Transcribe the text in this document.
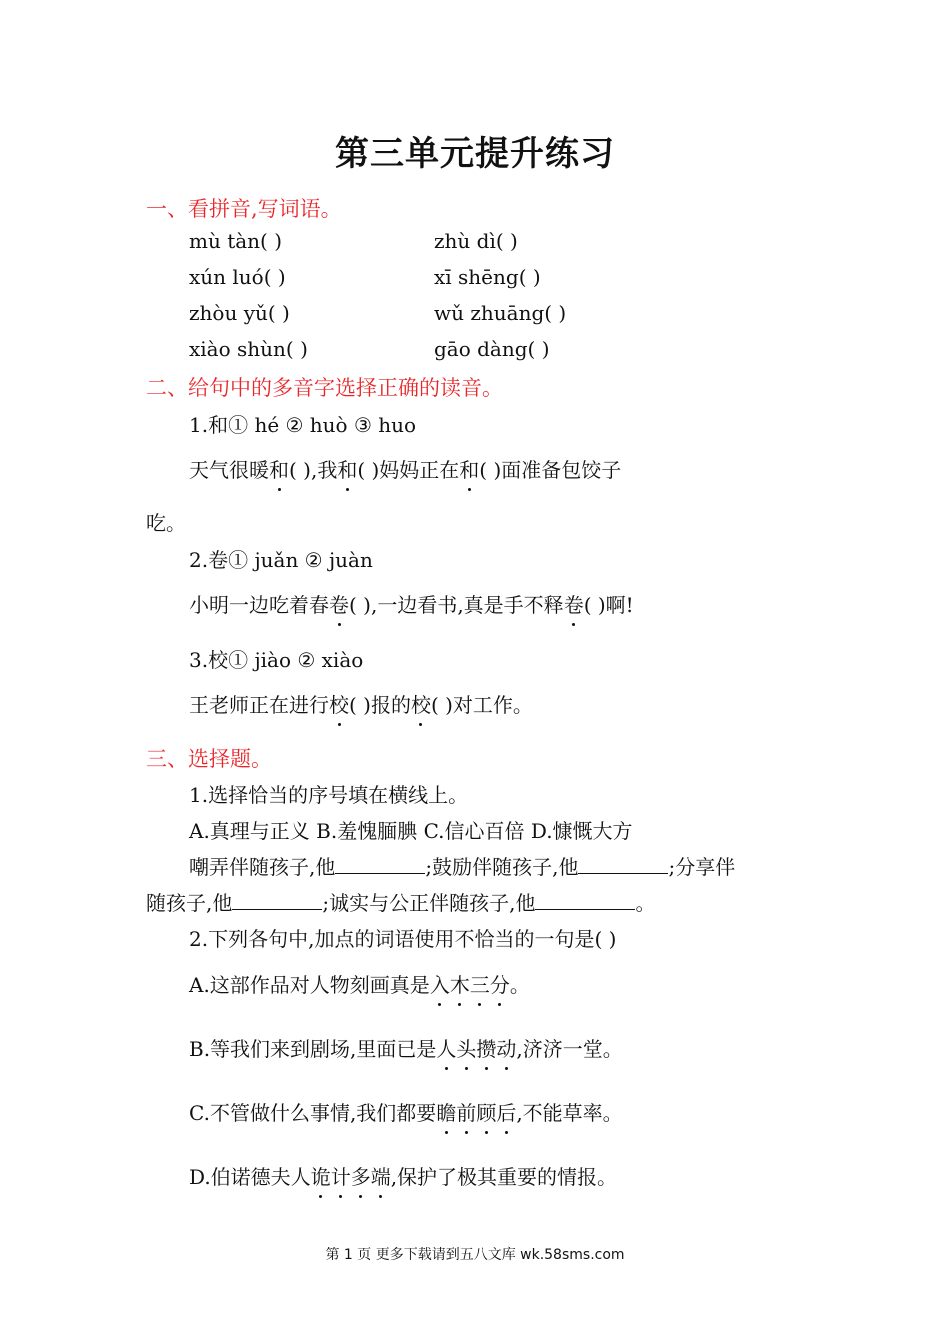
第三单元提升练习
一、看拼音,写词语。
mù tàn( )	zhù dì( )
xún luó( )	xī shēng( )
zhòu yǔ( )	wǔ zhuāng( )
xiào shùn( )	gāo dàng( )
二、给句中的多音字选择正确的读音。
1.和① hé ② huò ③ huo
天气很暖和( ),我和( )妈妈正在和( )面准备包饺子
吃。
2.卷① juǎn ② juàn
小明一边吃着春卷( ),一边看书,真是手不释卷( )啊!
3.校① jiào ② xiào
王老师正在进行校( )报的校( )对工作。
三、选择题。
1.选择恰当的序号填在横线上。
A.真理与正义 B.羞愧腼腆 C.信心百倍 D.慷慨大方
嘲弄伴随孩子,他	;鼓励伴随孩子,他	;分享伴
随孩子,他	;诚实与公正伴随孩子,他	。
2.下列各句中,加点的词语使用不恰当的一句是( )
A.这部作品对人物刻画真是入木三分。
B.等我们来到剧场,里面已是人头攒动,济济一堂。
C.不管做什么事情,我们都要瞻前顾后,不能草率。
D.伯诺德夫人诡计多端,保护了极其重要的情报。
第 1 页 更多下载请到五八文库 wk.58sms.com
